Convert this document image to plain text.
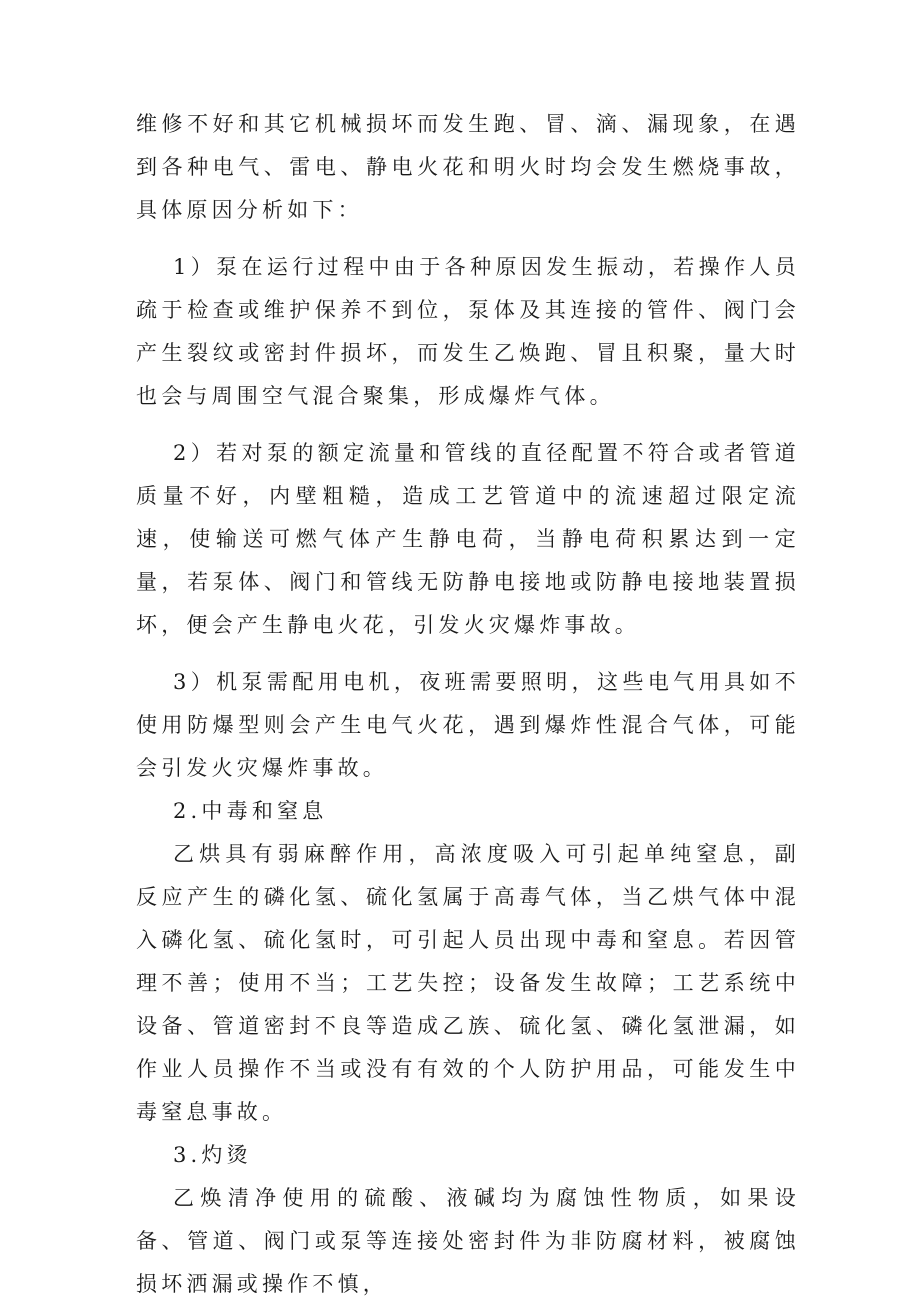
维修不好和其它机械损坏而发生跑、冒、滴、漏现象，在遇到各种电气、雷电、静电火花和明火时均会发生燃烧事故，具体原因分析如下：

1）泵在运行过程中由于各种原因发生振动，若操作人员疏于检查或维护保养不到位，泵体及其连接的管件、阀门会产生裂纹或密封件损坏，而发生乙焕跑、冒且积聚，量大时也会与周围空气混合聚集，形成爆炸气体。

2）若对泵的额定流量和管线的直径配置不符合或者管道质量不好，内壁粗糙，造成工艺管道中的流速超过限定流速，使输送可燃气体产生静电荷，当静电荷积累达到一定量，若泵体、阀门和管线无防静电接地或防静电接地装置损坏，便会产生静电火花，引发火灾爆炸事故。

3）机泵需配用电机，夜班需要照明，这些电气用具如不使用防爆型则会产生电气火花，遇到爆炸性混合气体，可能会引发火灾爆炸事故。

2.中毒和窒息

乙烘具有弱麻醉作用，高浓度吸入可引起单纯窒息，副反应产生的磷化氢、硫化氢属于高毒气体，当乙烘气体中混入磷化氢、硫化氢时，可引起人员出现中毒和窒息。若因管理不善；使用不当；工艺失控；设备发生故障；工艺系统中设备、管道密封不良等造成乙族、硫化氢、磷化氢泄漏，如作业人员操作不当或没有有效的个人防护用品，可能发生中毒窒息事故。

3.灼烫

乙焕清净使用的硫酸、液碱均为腐蚀性物质，如果设备、管道、阀门或泵等连接处密封件为非防腐材料，被腐蚀损坏洒漏或操作不慎，
